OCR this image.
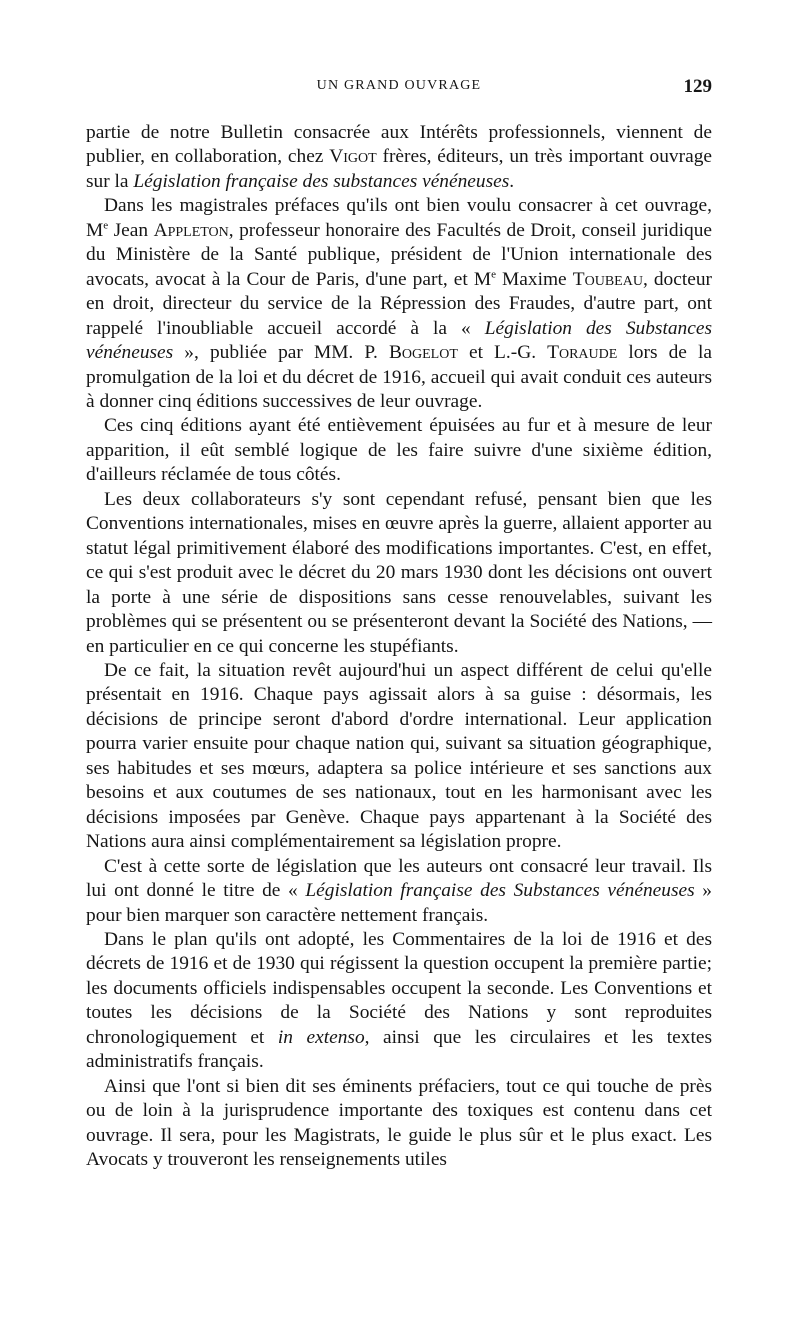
UN GRAND OUVRAGE	129

partie de notre Bulletin consacrée aux Intérêts professionnels, viennent de publier, en collaboration, chez Vigot frères, éditeurs, un très important ouvrage sur la Législation française des substances vénéneuses.

Dans les magistrales préfaces qu'ils ont bien voulu consacrer à cet ouvrage, Me Jean Appleton, professeur honoraire des Facultés de Droit, conseil juridique du Ministère de la Santé publique, président de l'Union internationale des avocats, avocat à la Cour de Paris, d'une part, et Me Maxime Toubeau, docteur en droit, directeur du service de la Répression des Fraudes, d'autre part, ont rappelé l'inoubliable accueil accordé à la « Législation des Substances vénéneuses », publiée par MM. P. Bogelot et L.-G. Toraude lors de la promulgation de la loi et du décret de 1916, accueil qui avait conduit ces auteurs à donner cinq éditions successives de leur ouvrage.

Ces cinq éditions ayant été entièvement épuisées au fur et à mesure de leur apparition, il eût semblé logique de les faire suivre d'une sixième édition, d'ailleurs réclamée de tous côtés.

Les deux collaborateurs s'y sont cependant refusé, pensant bien que les Conventions internationales, mises en œuvre après la guerre, allaient apporter au statut légal primitivement élaboré des modifications importantes. C'est, en effet, ce qui s'est produit avec le décret du 20 mars 1930 dont les décisions ont ouvert la porte à une série de dispositions sans cesse renouvelables, suivant les problèmes qui se présentent ou se présenteront devant la Société des Nations, — en particulier en ce qui concerne les stupéfiants.

De ce fait, la situation revêt aujourd'hui un aspect différent de celui qu'elle présentait en 1916. Chaque pays agissait alors à sa guise : désormais, les décisions de principe seront d'abord d'ordre international. Leur application pourra varier ensuite pour chaque nation qui, suivant sa situation géographique, ses habitudes et ses mœurs, adaptera sa police intérieure et ses sanctions aux besoins et aux coutumes de ses nationaux, tout en les harmonisant avec les décisions imposées par Genève. Chaque pays appartenant à la Société des Nations aura ainsi complémentairement sa législation propre.

C'est à cette sorte de législation que les auteurs ont consacré leur travail. Ils lui ont donné le titre de « Législation française des Substances vénéneuses » pour bien marquer son caractère nettement français.

Dans le plan qu'ils ont adopté, les Commentaires de la loi de 1916 et des décrets de 1916 et de 1930 qui régissent la question occupent la première partie; les documents officiels indispensables occupent la seconde. Les Conventions et toutes les décisions de la Société des Nations y sont reproduites chronologiquement et in extenso, ainsi que les circulaires et les textes administratifs français.

Ainsi que l'ont si bien dit ses éminents préfaciers, tout ce qui touche de près ou de loin à la jurisprudence importante des toxiques est contenu dans cet ouvrage. Il sera, pour les Magistrats, le guide le plus sûr et le plus exact. Les Avocats y trouveront les renseignements utiles
